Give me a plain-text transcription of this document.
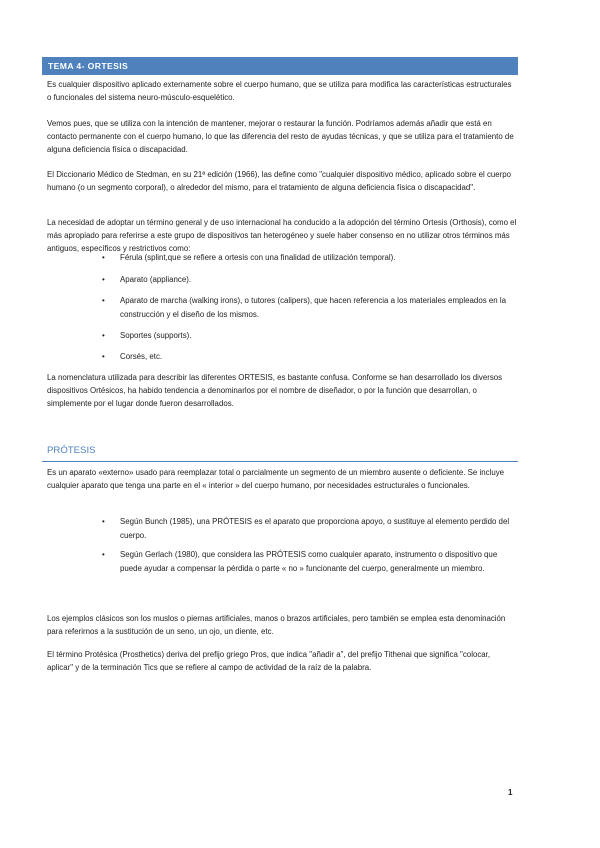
TEMA 4- ORTESIS

Es cualquier dispositivo aplicado externamente sobre el cuerpo humano, que se utiliza para modifica las características estructurales o funcionales del sistema neuro-músculo-esquelético.

Vemos pues, que se utiliza con la intención de mantener, mejorar o restaurar la función. Podríamos además añadir que está en contacto permanente con el cuerpo humano, lo que las diferencia del resto de ayudas técnicas, y que se utiliza para el tratamiento de alguna deficiencia física o discapacidad.

El Diccionario Médico de Stedman, en su 21ª edición (1966), las define como "cualquier dispositivo médico, aplicado sobre el cuerpo humano (o un segmento corporal), o alrededor del mismo, para el tratamiento de alguna deficiencia física o discapacidad".

La necesidad de adoptar un término general y de uso internacional ha conducido a la adopción del término Ortesis (Orthosis), como el más apropiado para referirse a este grupo de dispositivos tan heterogéneo y suele haber consenso en no utilizar otros términos más antiguos, específicos y restrictivos como:

• Férula (splint,que se refiere a ortesis con una finalidad de utilización temporal).

• Aparato (appliance).

• Aparato de marcha (walking irons), o tutores (calipers), que hacen referencia a los materiales empleados en la construcción y el diseño de los mismos.

• Soportes (supports).

• Corsés, etc.

La nomenclatura utilizada para describir las diferentes ORTESIS, es bastante confusa. Conforme se han desarrollado los diversos dispositivos Ortésicos, ha habido tendencia a denominarlos por el nombre de diseñador, o por la función que desarrollan, o simplemente por el lugar donde fueron desarrollados.

PRÓTESIS

Es un aparato «externo» usado para reemplazar total o parcialmente un segmento de un miembro ausente o deficiente. Se incluye cualquier aparato que tenga una parte en el « interior » del cuerpo humano, por necesidades estructurales o funcionales.

• Según Bunch (1985), una PRÓTESIS es el aparato que proporciona apoyo, o sustituye al elemento perdido del cuerpo.

• Según Gerlach (1980), que considera las PRÓTESIS como cualquier aparato, instrumento o dispositivo que puede ayudar a compensar la pérdida o parte « no » funcionante del cuerpo, generalmente un miembro.

Los ejemplos clásicos son los muslos o piernas artificiales, manos o brazos artificiales, pero también se emplea esta denominación para referirnos a la sustitución de un seno, un ojo, un diente, etc.

El término Protésica (Prosthetics) deriva del prefijo griego Pros, que indica "añadir a", del prefijo Tithenai que significa "colocar, aplicar" y de la terminación Tics que se refiere al campo de actividad de la raíz de la palabra.

1
